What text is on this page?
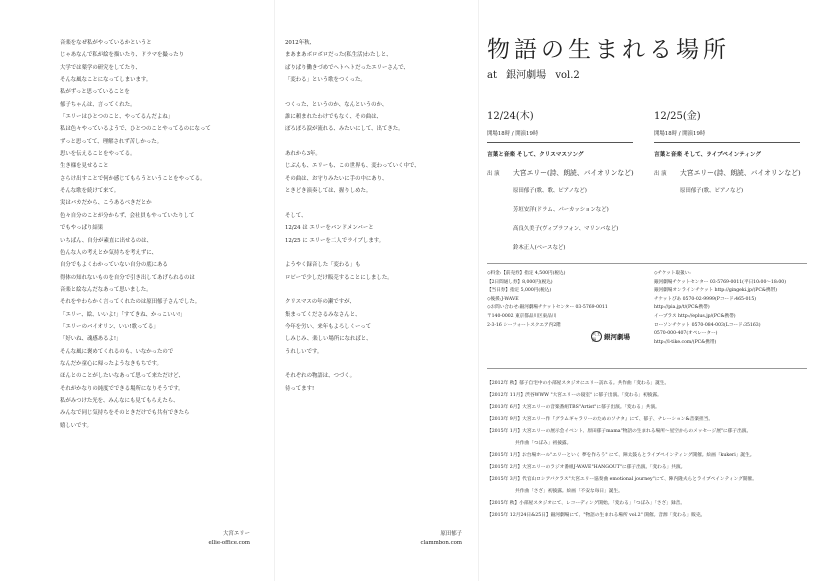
音楽をなぜ私がやっているかというと

じゃあなんで私が絵を描いたり、ドラマを撮ったり

大学では薬学の研究をしてたり、

そんな風なことになってしまいます。

私がずっと思っていることを

郁子ちゃんは、言ってくれた。

「エリーはひとつのこと、やってるんだよね」

私は色々やっているようで、ひとつのことやってるのになって

ずっと思ってて、理解されず苦しかった。

思いを伝えることをやってる。

生き様を見せること

さらけ出すことで何か感じてもらうということをやってる。

そんな歌を続けて来て。

実はバカだから、こうあるべきだとか

色々自分のことが分からず、会社員もやっていたりして

でもやっぱり結果

いちばん、自分が素直に出せるのは、

色んな人の考えとか気持ちを考えずに、

自分でもよくわかっていない自分の底にある

得体の知れないものを自分で引き出してあげられるのは

音楽と絵なんだなあって思いました。

それをやわらかく言ってくれたのは原田郁子さんでした。

「エリー、絵、いいよ!」「すてきね、かっこいい!」

「エリーのバイオリン、いい!歌ってる」

「好いね、魂感あるよ!」

そんな風に褒めてくれるのも、いなかったので

なんだか童心に帰ったようなきもちです。

ほんとのことがしたいなあって思って来ただけど、

それがかなりの純度でできる場所になりそうです。

私がみつけた光を、みんなにも見てもらえたら、

みんなで同じ気持ちをそのときだけでも共有できたら

嬉しいです。

大宮エリー
ellie-office.com

2012年秋、

まあまあボロボロだった(私生活)わたしと、

ぱりぱり働きづめでヘトヘトだったエリーさんで、

「変わる」という歌をつくった。

つくった、というのか、なんというのか、

誰に頼まれたわけでもなく、その曲は、

ぽろぽろ涙が流れる、みたいにして、出てきた。

あれから3年。

じぶんも、エリーも、この世界も、変わっていく中で、

その曲は、お守りみたいに手の中にあり、

ときどき演奏しては、握りしめた。

そして、

12/24 は エリーをバンドメンバーと

12/25 に エリーを二人でライブします。

ようやく録音した「変わる」も

ロビーで少しだけ販売することにしました。

クリスマスの年の瀬ですが、

集まってくださるみなさんと、

今年を労い、来年もよろしくーって

しみじみ、楽しい場所になればと、

うれしいです。

それぞれの物語は、つづく。

待ってます!

原田郁子
clammbon.com
物語の生まれる場所
at 銀河劇場 vol.2
12/24(木)
開場18時 / 開演19時
言葉と音楽 そして、クリスマスソング
出 演 大宮エリー(詩、朗読、バイオリンなど)
原田郁子(歌、歌、ピアノなど)
芳垣安洋(ドラム、パーカッションなど)
高良久美子(ヴィブラフォン、マリンバなど)
鈴木正人(ベースなど)
12/25(金)
開場18時 / 開演19時
言葉と音楽 そして、ライブペインティング
出 演 大宮エリー(詩、朗読、バイオリンなど)
原田郁子(歌、ピアノなど)

◇料金:【前売券】指定 4,500円(税込)

【2日間通し券】8,000円(税込)

【当日券】指定 5,000円(税込)

◇後援:J-WAVE

◇お問い合わせ:銀河劇場チケットセンター 03-5769-0011

〒140-0002 東京都品川区東品川

2-3-16 シーフォートスクエア内2階

◇チケット取扱い:

銀河劇場チケットセンター 03-5769-0011(平日10:00〜18:00)

銀河劇場オンラインチケット http://gingeki.jp/(PC&携帯)

チケットぴあ 0570-02-9999(Pコード:465-015)

http://pia.jp/t/(PC&携帯)

イープラス http://eplus.jp/(PC&携帯)

ローソンチケット 0570-084-003(Lコード:35163)

0570-000-407(オペレーター)

http://l-tike.com/(PC&携帯)

天王洲	銀河劇場

【2012年 秋】郁子自宅中の小部屋スタジオにエリー訪れる。共作曲「変わる」誕生。

【2012年 11月】渋谷WWW "大宮エリーの寝室" に郁子出演。「変わる」初披露。

【2013年 6月】大宮エリーの音楽番組TBS"Artist"に郁子出演。「変わる」共演。

【2013年 9月】大宮エリー作『グラムギャラリーのためのソナタ』にて、郁子、ナレーション&音楽担当。

【2015年 1月】大宮エリーの展示会イベント、原田郁子mama"物語の生まれる場所〜星空からのメッセージ展"に郁子出演。

共作曲「つぼみ」初披露。

【2015年 1月】お台場ホール"エリーといく 夢を作ろう" にて、陣太鼓らとライブペインティング開催。絵画「kukeri」誕生。

【2015年 2月】大宮エリーのラジオ番組J-WAVE"HANGOUT"に郁子出演。「変わる」共演。

【2015年 3月】代官山ロシアバクラス"大宮エリー協奏曲 emotional journey"にて、陣内隆夫らとライブペインティング開催。

共作曲「さざ」初披露。絵画「不安な毎日」誕生。

【2015年 秋】小部屋スタジオにて、レコーディング開始。「変わる」「つぼみ」「さざ」録音。

【2015年 12月24日&25日】銀河劇場にて、"物語の生まれる場所 vol.2" 開催。音源「変わる」販売。
